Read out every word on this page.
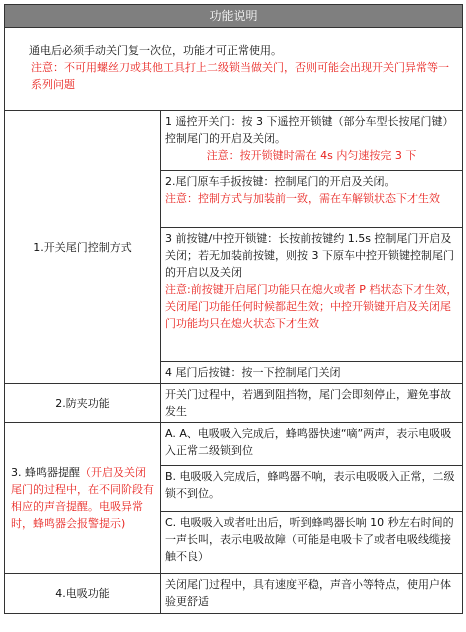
功能说明	

通电后必须手动关门复一次位，功能才可正常使用。
注意：不可用螺丝刀或其他工具打上二级锁当做关门，否则可能会出现开关门异常等一系列问题	

1.开关尾门控制方式	1 遥控开关门：按 3 下遥控开锁键（部分车型长按尾门键）控制尾门的开启及关闭。
注意：按开锁键时需在 4s 内匀速按完 3 下

	2.尾门原车手扳按键：控制尾门的开启及关闭。
注意：控制方式与加装前一致，需在车解锁状态下才生效

	3 前按键/中控开锁键：长按前按键约 1.5s 控制尾门开启及关闭；若无加装前按键，则按 3 下原车中控开锁键控制尾门的开启以及关闭
注意:前按键开启尾门功能只在熄火或者 P 档状态下才生效，关闭尾门功能任何时候都起生效；中控开锁键开启及关闭尾门功能均只在熄火状态下才生效

	4 尾门后按键：按一下控制尾门关闭

2.防夹功能	开关门过程中，若遇到阻挡物，尾门会即刻停止，避免事故发生
3. 蜂鸣器提醒（开启及关闭尾门的过程中，在不同阶段有相应的声音提醒。电吸异常时，蜂鸣器会报警提示)	A. A、电吸吸入完成后，蜂鸣器快速“嘀”两声，表示电吸吸入正常二级锁到位
	B. 电吸吸入完成后，蜂鸣器不响，表示电吸吸入正常，二级锁不到位。
	C. 电吸吸入或者吐出后，听到蜂鸣器长响 10 秒左右时间的一声长叫，表示电吸故障（可能是电吸卡了或者电吸线缆接触不良）
4.电吸功能	关闭尾门过程中，具有速度平稳，声音小等特点，使用户体验更舒适
